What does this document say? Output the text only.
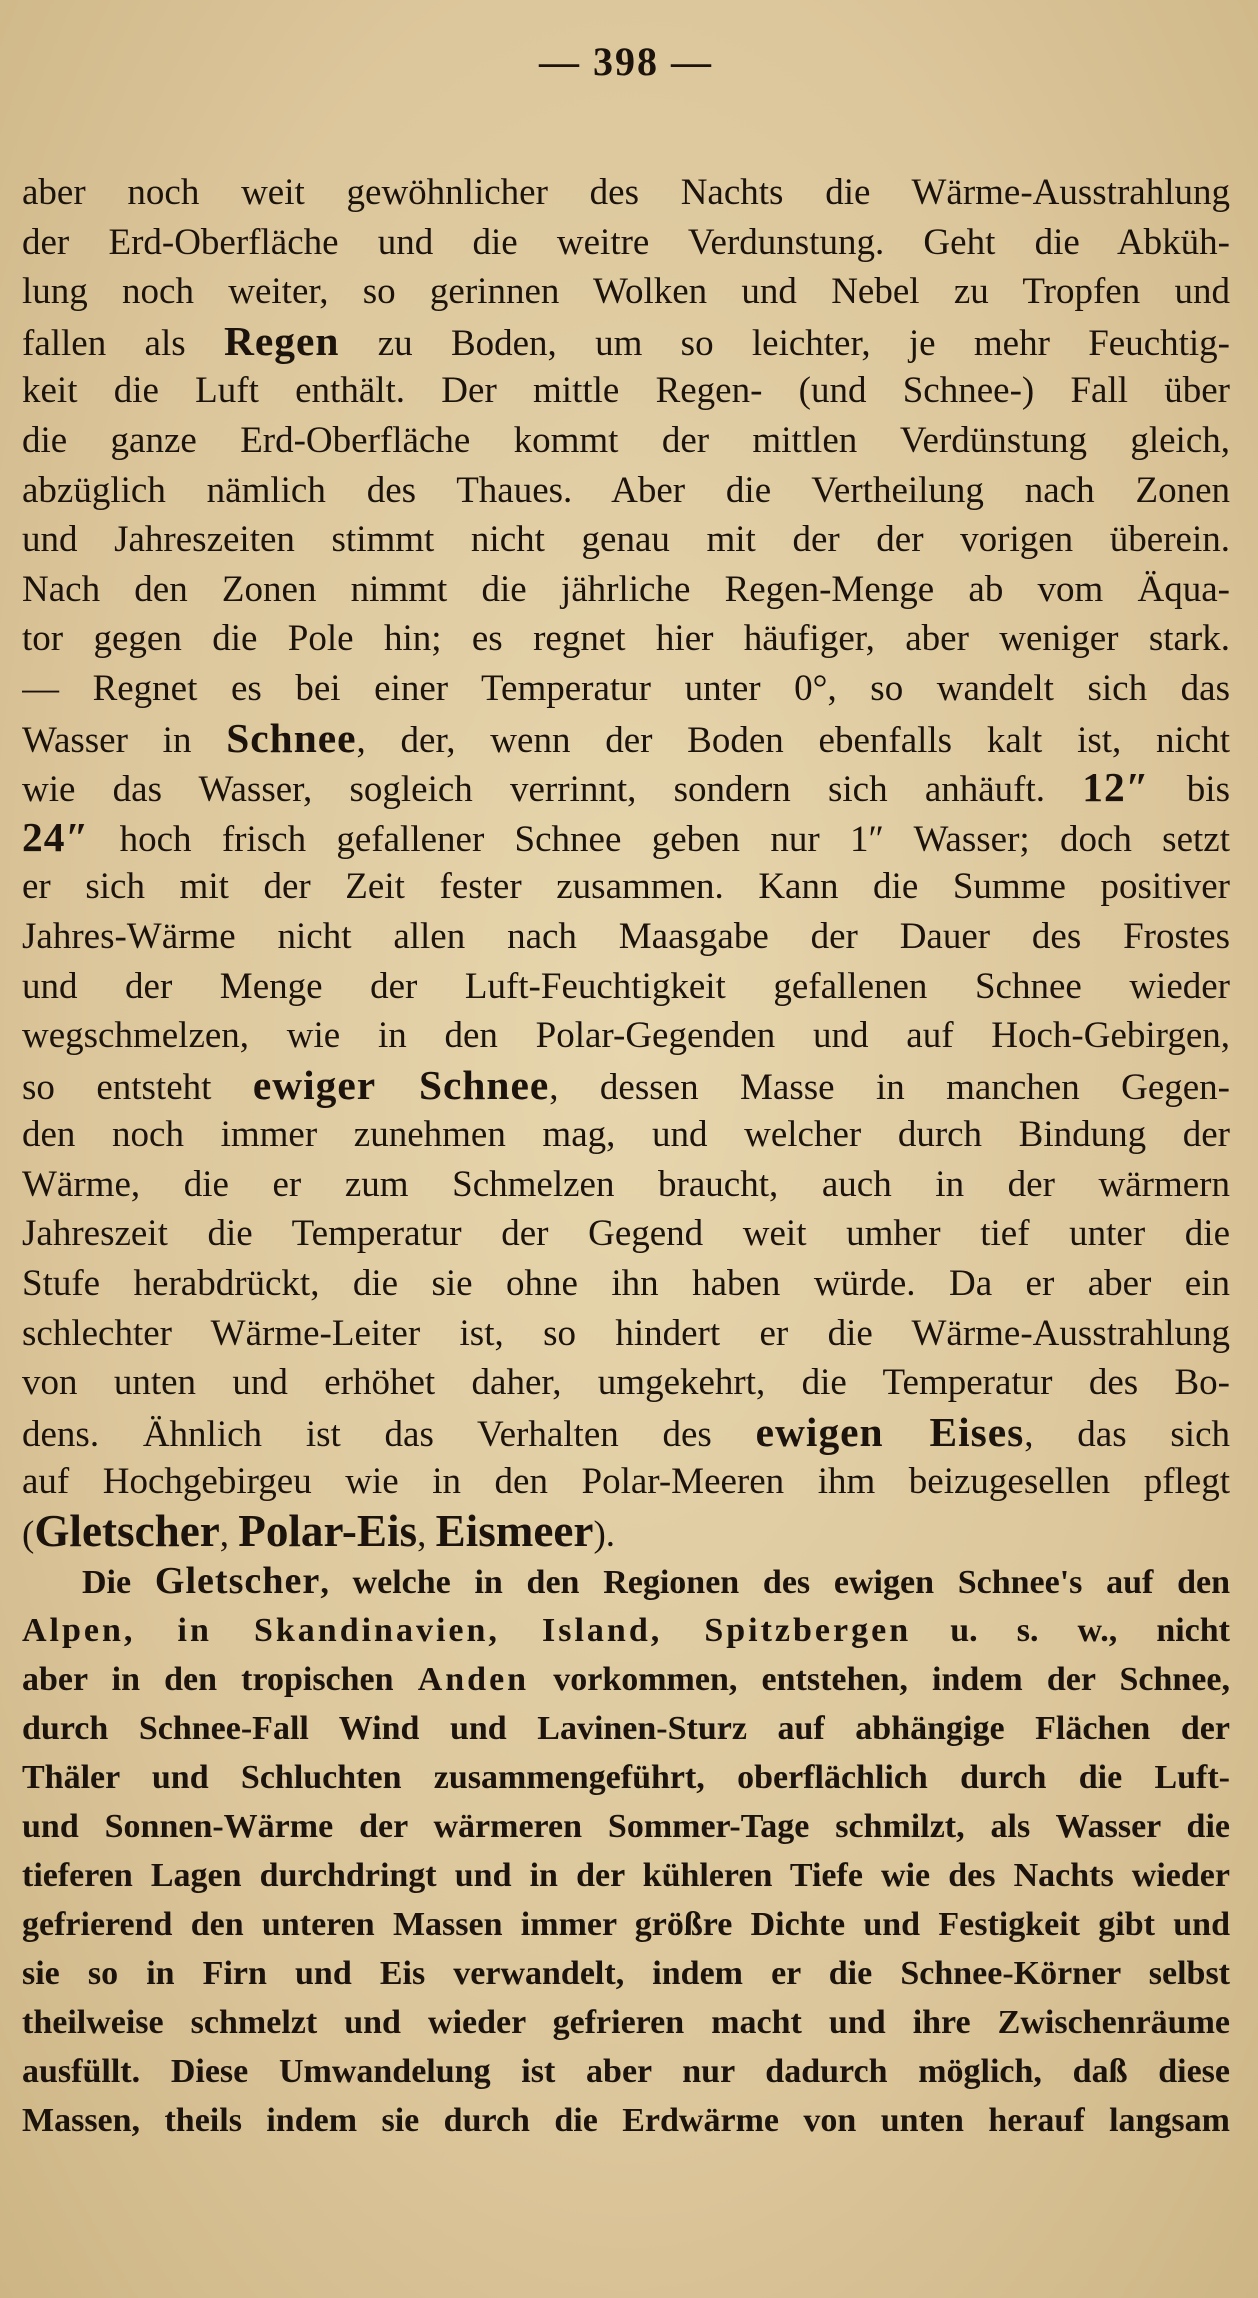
— 398 —
aber noch weit gewöhnlicher des Nachts die Wärme-Ausstrahlung
der Erd-Oberfläche und die weitre Verdunstung. Geht die Abküh-
lung noch weiter, so gerinnen Wolken und Nebel zu Tropfen und
fallen als Regen zu Boden, um so leichter, je mehr Feuchtig-
keit die Luft enthält. Der mittle Regen- (und Schnee-) Fall über
die ganze Erd-Oberfläche kommt der mittlen Verdünstung gleich,
abzüglich nämlich des Thaues. Aber die Vertheilung nach Zonen
und Jahreszeiten stimmt nicht genau mit der der vorigen überein.
Nach den Zonen nimmt die jährliche Regen-Menge ab vom Äqua-
tor gegen die Pole hin; es regnet hier häufiger, aber weniger stark.
— Regnet es bei einer Temperatur unter 0°, so wandelt sich das
Wasser in Schnee, der, wenn der Boden ebenfalls kalt ist, nicht
wie das Wasser, sogleich verrinnt, sondern sich anhäuft. 12″ bis
24″ hoch frisch gefallener Schnee geben nur 1″ Wasser; doch setzt
er sich mit der Zeit fester zusammen. Kann die Summe positiver
Jahres-Wärme nicht allen nach Maasgabe der Dauer des Frostes
und der Menge der Luft-Feuchtigkeit gefallenen Schnee wieder
wegschmelzen, wie in den Polar-Gegenden und auf Hoch-Gebirgen,
so entsteht ewiger Schnee, dessen Masse in manchen Gegen-
den noch immer zunehmen mag, und welcher durch Bindung der
Wärme, die er zum Schmelzen braucht, auch in der wärmern
Jahreszeit die Temperatur der Gegend weit umher tief unter die
Stufe herabdrückt, die sie ohne ihn haben würde. Da er aber ein
schlechter Wärme-Leiter ist, so hindert er die Wärme-Ausstrahlung
von unten und erhöhet daher, umgekehrt, die Temperatur des Bo-
dens. Ähnlich ist das Verhalten des ewigen Eises, das sich
auf Hochgebirgeu wie in den Polar-Meeren ihm beizugesellen pflegt
(Gletscher, Polar-Eis, Eismeer).
Die Gletscher, welche in den Regionen des ewigen Schnee's auf den
Alpen, in Skandinavien, Island, Spitzbergen u. s. w., nicht
aber in den tropischen Anden vorkommen, entstehen, indem der Schnee,
durch Schnee-Fall Wind und Lavinen-Sturz auf abhängige Flächen der
Thäler und Schluchten zusammengeführt, oberflächlich durch die Luft-
und Sonnen-Wärme der wärmeren Sommer-Tage schmilzt, als Wasser die
tieferen Lagen durchdringt und in der kühleren Tiefe wie des Nachts wieder
gefrierend den unteren Massen immer größre Dichte und Festigkeit gibt und
sie so in Firn und Eis verwandelt, indem er die Schnee-Körner selbst
theilweise schmelzt und wieder gefrieren macht und ihre Zwischenräume
ausfüllt. Diese Umwandelung ist aber nur dadurch möglich, daß diese
Massen, theils indem sie durch die Erdwärme von unten herauf langsam
